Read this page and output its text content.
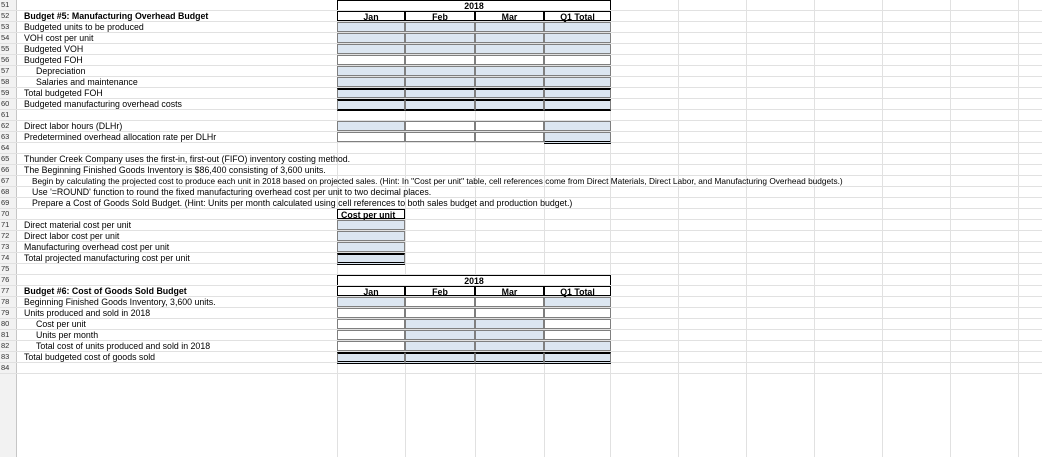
51	2018
52	Budget #5: Manufacturing Overhead Budget	Jan	Feb	Mar	Q1 Total
53	Budgeted units to be produced
54	VOH cost per unit
55	Budgeted VOH
56	Budgeted FOH
57	Depreciation
58	Salaries and maintenance
59	Total budgeted FOH
60	Budgeted manufacturing overhead costs
61
62	Direct labor hours (DLHr)
63	Predetermined overhead allocation rate per DLHr
64
65	Thunder Creek Company uses the first-in, first-out (FIFO) inventory costing method.
66	The Beginning Finished Goods Inventory is $86,400 consisting of 3,600 units.
67	Begin by calculating the projected cost to produce each unit in 2018 based on projected sales. (Hint: In "Cost per unit" table, cell references come from Direct Materials, Direct Labor, and Manufacturing Overhead budgets.)
68	Use '=ROUND' function to round the fixed manufacturing overhead cost per unit to two decimal places.
69	Prepare a Cost of Goods Sold Budget. (Hint: Units per month calculated using cell references to both sales budget and production budget.)
70	Cost per unit
71	Direct material cost per unit
72	Direct labor cost per unit
73	Manufacturing overhead cost per unit
74	Total projected manufacturing cost per unit
75
76	2018
77	Budget #6: Cost of Goods Sold Budget	Jan	Feb	Mar	Q1 Total
78	Beginning Finished Goods Inventory, 3,600 units.
79	Units produced and sold in 2018
80	Cost per unit
81	Units per month
82	Total cost of units produced and sold in 2018
83	Total budgeted cost of goods sold
84
